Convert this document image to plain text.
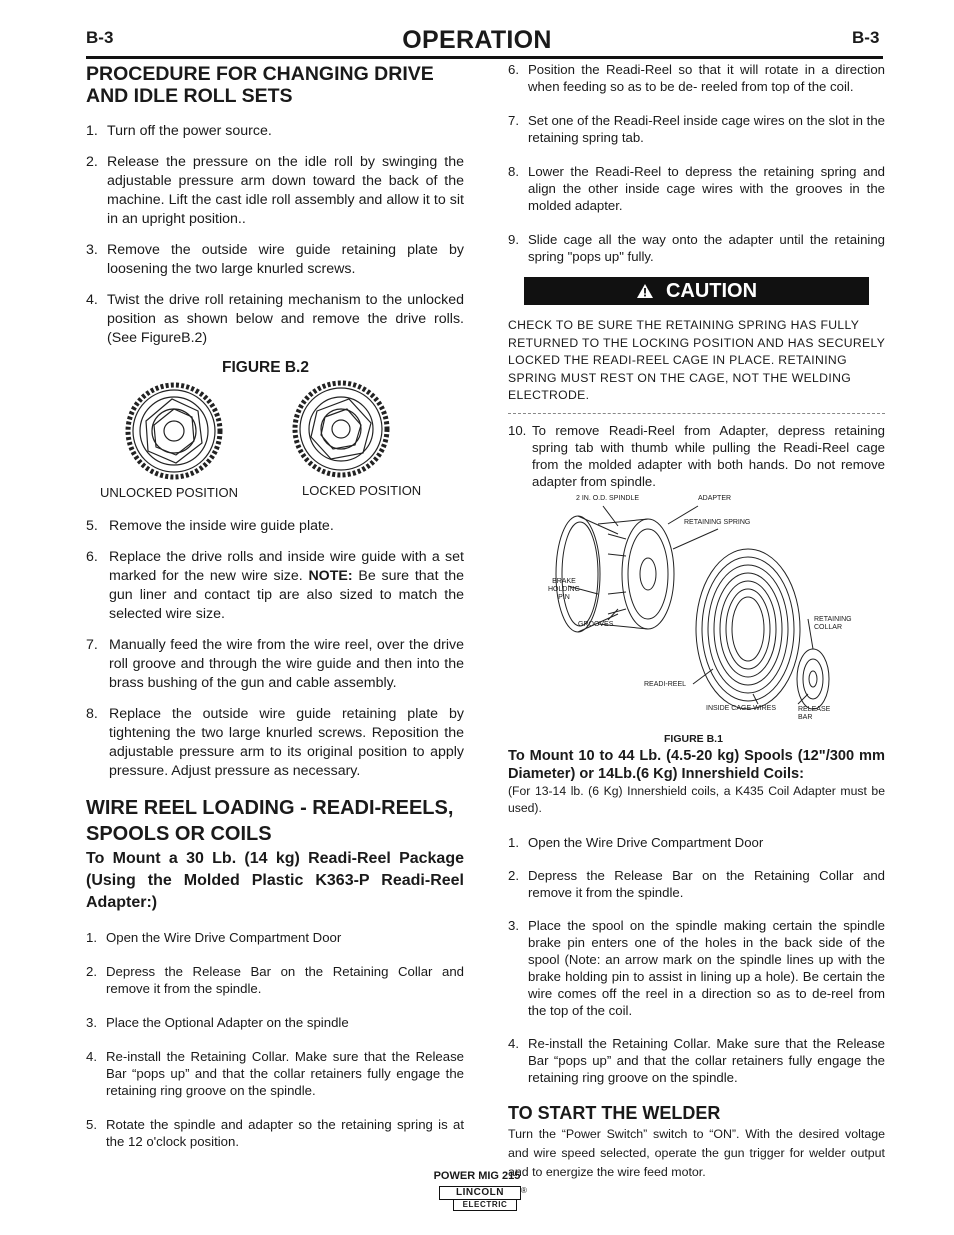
B-3	OPERATION	B-3
PROCEDURE FOR CHANGING DRIVE AND IDLE ROLL SETS
1. Turn off the power source.
2. Release the pressure on the idle roll by swinging the adjustable pressure arm down toward the back of the machine. Lift the cast idle roll assembly and allow it to sit in an upright position..
3. Remove the outside wire guide retaining plate by loosening the two large knurled screws.
4. Twist the drive roll retaining mechanism to the unlocked position as shown below and remove the drive rolls. (See FigureB.2)
FIGURE B.2
UNLOCKED POSITION	LOCKED POSITION
5. Remove the inside wire guide plate.
6. Replace the drive rolls and inside wire guide with a set marked for the new wire size. NOTE: Be sure that the gun liner and contact tip are also sized to match the selected wire size.
7. Manually feed the wire from the wire reel, over the drive roll groove and through the wire guide and then into the brass bushing of the gun and cable assembly.
8. Replace the outside wire guide retaining plate by tightening the two large knurled screws. Reposition the adjustable pressure arm to its original position to apply pressure. Adjust pressure as necessary.
WIRE REEL LOADING - READI-REELS, SPOOLS OR COILS
To Mount a 30 Lb. (14 kg) Readi-Reel Package (Using the Molded Plastic K363-P Readi-Reel Adapter:)
1. Open the Wire Drive Compartment Door
2. Depress the Release Bar on the Retaining Collar and remove it from the spindle.
3. Place the Optional Adapter on the spindle
4. Re-install the Retaining Collar. Make sure that the Release Bar “pops up” and that the collar retainers fully engage the retaining ring groove on the spindle.
5. Rotate the spindle and adapter so the retaining spring is at the 12 o'clock position.
6. Position the Readi-Reel so that it will rotate in a direction when feeding so as to be de- reeled from top of the coil.
7. Set one of the Readi-Reel inside cage wires on the slot in the retaining spring tab.
8. Lower the Readi-Reel to depress the retaining spring and align the other inside cage wires with the grooves in the molded adapter.
9. Slide cage all the way onto the adapter until the retaining spring "pops up" fully.
CAUTION

CHECK TO BE SURE THE RETAINING SPRING HAS FULLY RETURNED TO THE LOCKING POSITION AND HAS SECURELY LOCKED THE READI-REEL CAGE IN PLACE. RETAINING SPRING MUST REST ON THE CAGE, NOT THE WELDING ELECTRODE.

10. To remove Readi-Reel from Adapter, depress retaining spring tab with thumb while pulling the Readi-Reel cage from the molded adapter with both hands. Do not remove adapter from spindle.
2 IN. O.D. SPINDLE	ADAPTER
RETAINING SPRING
BRAKE
HOLDING
PIN
GROOVES
READI-REEL
INSIDE CAGE WIRES
RETAINING
COLLAR
RELEASE
BAR
FIGURE B.1
To Mount 10 to 44 Lb. (4.5-20 kg) Spools (12"/300 mm Diameter) or 14Lb.(6 Kg) Innershield Coils:

(For 13-14 lb. (6 Kg) Innershield coils, a K435 Coil Adapter must be used).

1. Open the Wire Drive Compartment Door
2. Depress the Release Bar on the Retaining Collar and remove it from the spindle.
3. Place the spool on the spindle making certain the spindle brake pin enters one of the holes in the back side of the spool (Note: an arrow mark on the spindle lines up with the brake holding pin to assist in lining up a hole). Be certain the wire comes off the reel in a direction so as to de-reel from the top of the coil.
4. Re-install the Retaining Collar. Make sure that the Release Bar “pops up” and that the collar retainers fully engage the retaining ring groove on the spindle.
TO START THE WELDER

Turn the “Power Switch” switch to “ON”. With the desired voltage and wire speed selected, operate the gun trigger for welder output and to energize the wire feed motor.

POWER MIG 215
LINCOLN
ELECTRIC
®
